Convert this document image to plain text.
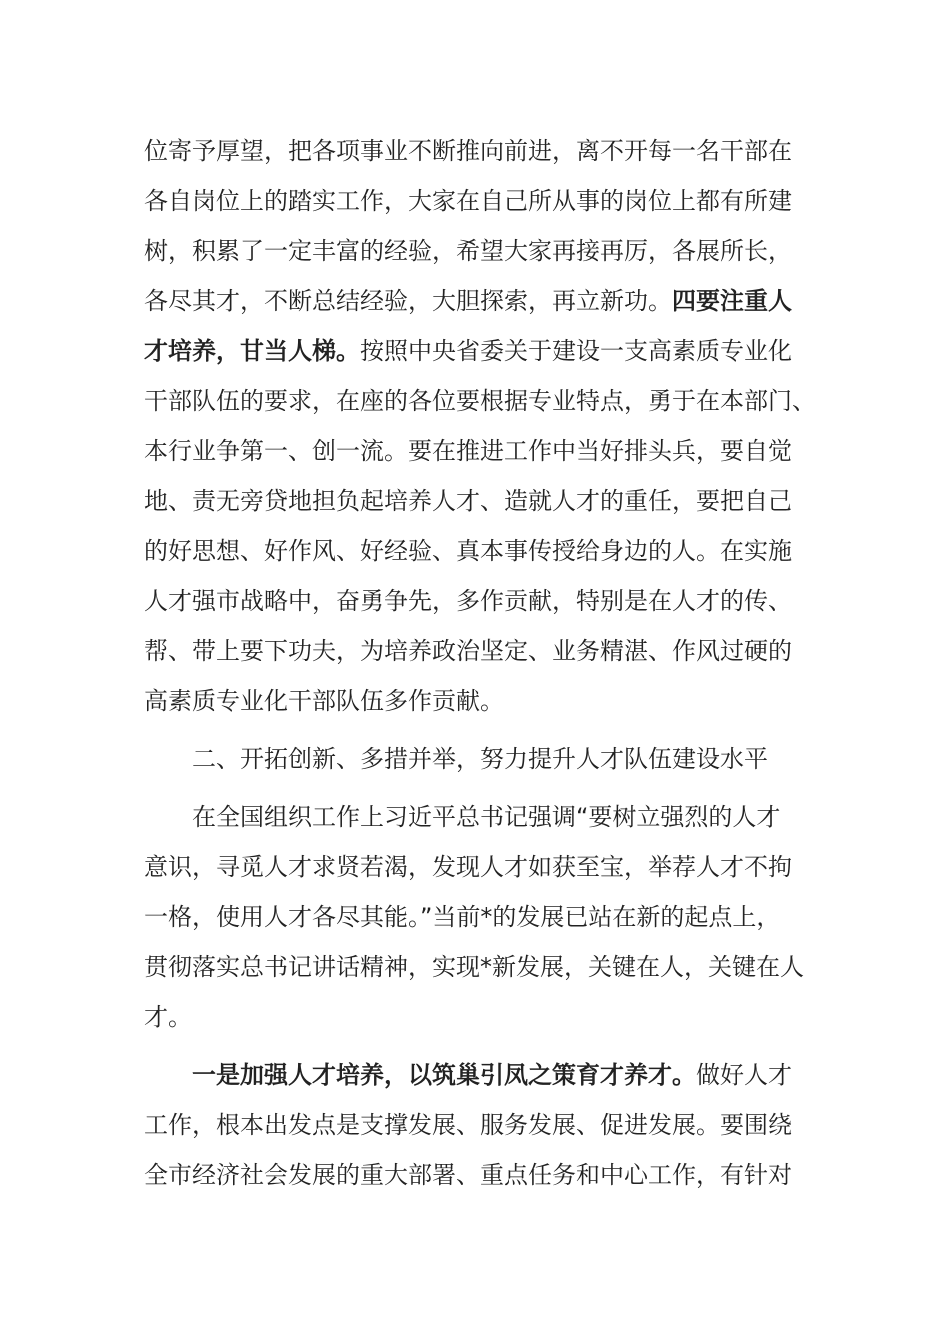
位寄予厚望，把各项事业不断推向前进，离不开每一名干部在
各自岗位上的踏实工作，大家在自己所从事的岗位上都有所建
树，积累了一定丰富的经验，希望大家再接再厉，各展所长，
各尽其才，不断总结经验，大胆探索，再立新功。四要注重人
才培养，甘当人梯。按照中央省委关于建设一支高素质专业化
干部队伍的要求，在座的各位要根据专业特点，勇于在本部门、
本行业争第一、创一流。要在推进工作中当好排头兵，要自觉
地、责无旁贷地担负起培养人才、造就人才的重任，要把自己
的好思想、好作风、好经验、真本事传授给身边的人。在实施
人才强市战略中，奋勇争先，多作贡献，特别是在人才的传、
帮、带上要下功夫，为培养政治坚定、业务精湛、作风过硬的
高素质专业化干部队伍多作贡献。
二、开拓创新、多措并举，努力提升人才队伍建设水平
在全国组织工作上习近平总书记强调“要树立强烈的人才
意识，寻觅人才求贤若渴，发现人才如获至宝，举荐人才不拘
一格，使用人才各尽其能。”当前*的发展已站在新的起点上，
贯彻落实总书记讲话精神，实现*新发展，关键在人，关键在人
才。
一是加强人才培养，以筑巢引凤之策育才养才。做好人才
工作，根本出发点是支撑发展、服务发展、促进发展。要围绕
全市经济社会发展的重大部署、重点任务和中心工作，有针对
